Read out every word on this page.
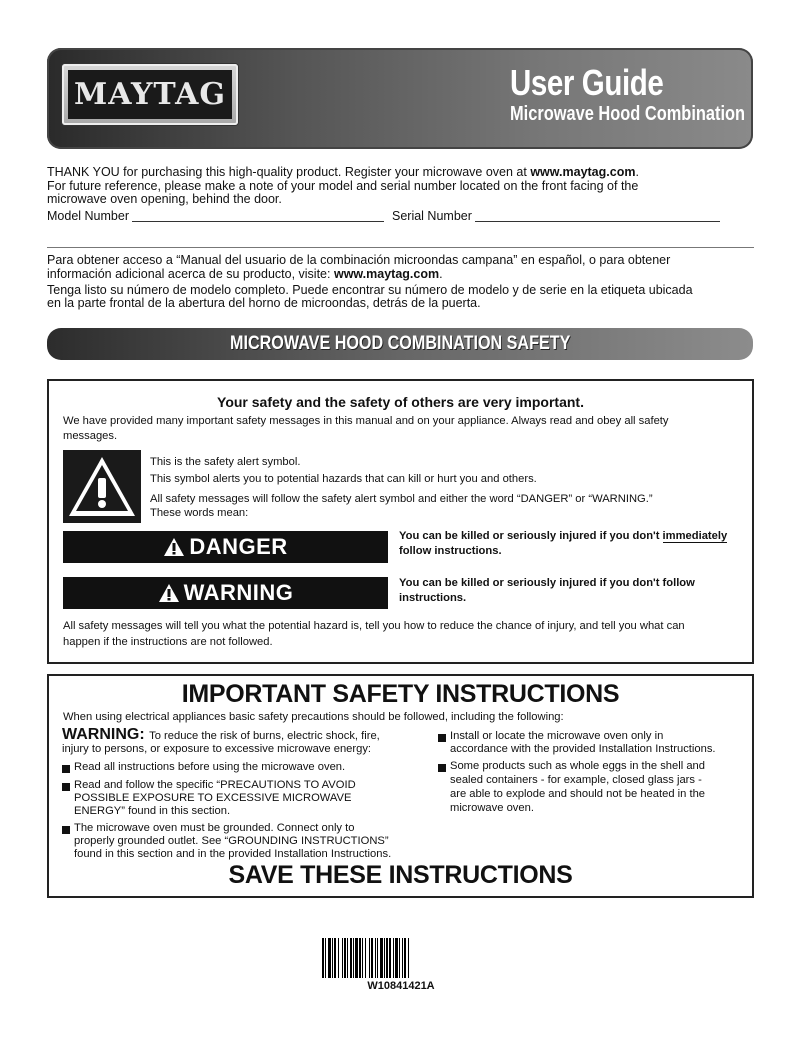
MAYTAG	User Guide
Microwave Hood Combination
THANK YOU for purchasing this high-quality product. Register your microwave oven at www.maytag.com.
For future reference, please make a note of your model and serial number located on the front facing of the
microwave oven opening, behind the door.
Model Number	Serial Number
Para obtener acceso a “Manual del usuario de la combinación microondas campana” en español, o para obtener
información adicional acerca de su producto, visite: www.maytag.com.
Tenga listo su número de modelo completo. Puede encontrar su número de modelo y de serie en la etiqueta ubicada
en la parte frontal de la abertura del horno de microondas, detrás de la puerta.
MICROWAVE HOOD COMBINATION SAFETY
Your safety and the safety of others are very important.
We have provided many important safety messages in this manual and on your appliance. Always read and obey all safety
messages.
This is the safety alert symbol.
This symbol alerts you to potential hazards that can kill or hurt you and others.
All safety messages will follow the safety alert symbol and either the word “DANGER” or “WARNING.”
These words mean:
DANGER	You can be killed or seriously injured if you don't immediately
follow instructions.
WARNING	You can be killed or seriously injured if you don't follow
instructions.
All safety messages will tell you what the potential hazard is, tell you how to reduce the chance of injury, and tell you what can
happen if the instructions are not followed.
IMPORTANT SAFETY INSTRUCTIONS
When using electrical appliances basic safety precautions should be followed, including the following:
WARNING: To reduce the risk of burns, electric shock, fire,
injury to persons, or exposure to excessive microwave energy:
Read all instructions before using the microwave oven.
Read and follow the specific “PRECAUTIONS TO AVOID
POSSIBLE EXPOSURE TO EXCESSIVE MICROWAVE
ENERGY” found in this section.
The microwave oven must be grounded. Connect only to
properly grounded outlet. See “GROUNDING INSTRUCTIONS”
found in this section and in the provided Installation Instructions.
Install or locate the microwave oven only in
accordance with the provided Installation Instructions.
Some products such as whole eggs in the shell and
sealed containers - for example, closed glass jars -
are able to explode and should not be heated in the
microwave oven.
SAVE THESE INSTRUCTIONS
W10841421A
